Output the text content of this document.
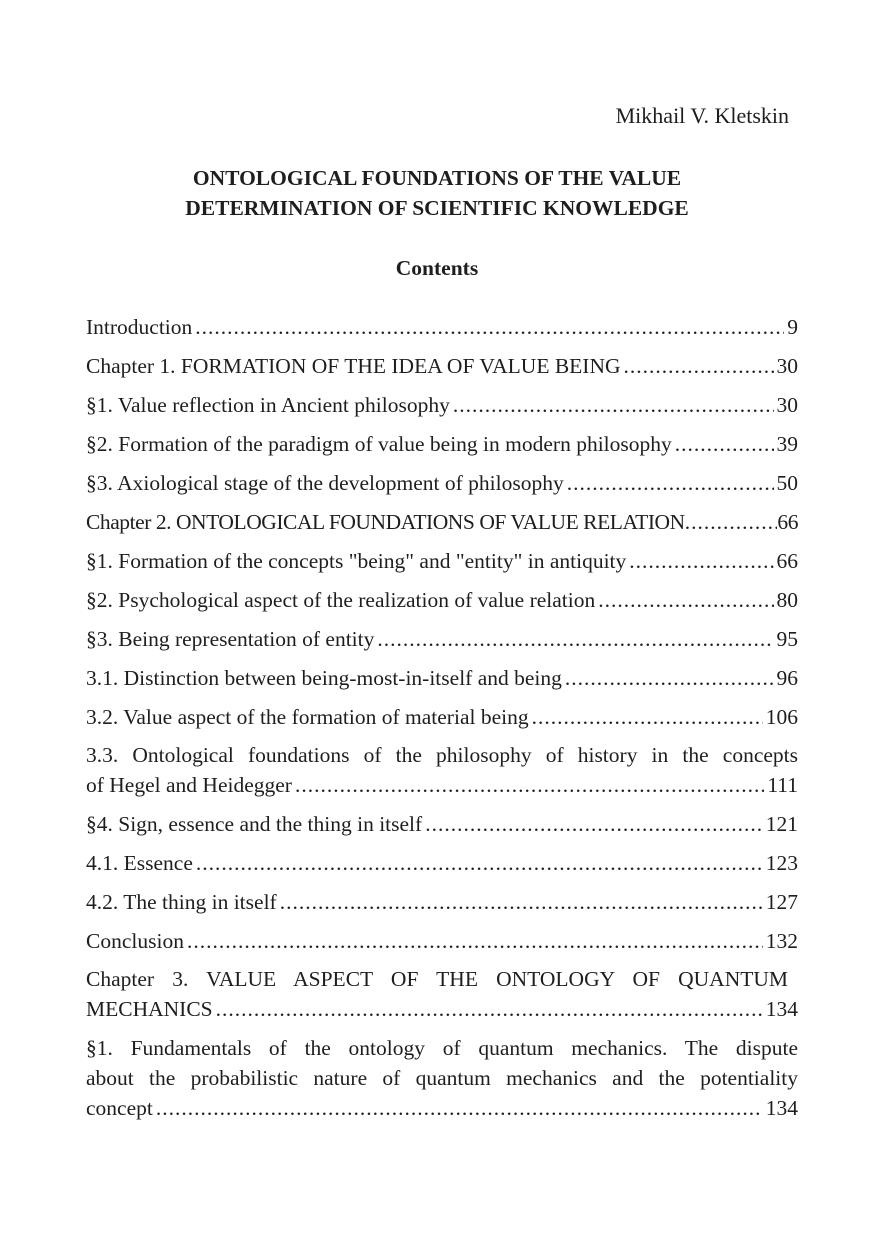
Mikhail V. Kletskin
ONTOLOGICAL FOUNDATIONS OF THE VALUE
DETERMINATION OF SCIENTIFIC KNOWLEDGE
Contents
Introduction .....	9
Chapter 1. FORMATION OF THE IDEA OF VALUE BEING .....	30
§1. Value reflection in Ancient philosophy .....	30
§2. Formation of the paradigm of value being in modern philosophy .....	39
§3. Axiological stage of the development of philosophy .....	50
Chapter 2. ONTOLOGICAL FOUNDATIONS OF VALUE RELATION .....	66
§1. Formation of the concepts "being" and "entity" in antiquity .....	66
§2. Psychological aspect of the realization of value relation .....	80
§3. Being representation of entity .....	95
3.1. Distinction between being-most-in-itself and being .....	96
3.2. Value aspect of the formation of material being .....	106
3.3. Ontological foundations of the philosophy of history in the concepts
of Hegel and Heidegger .....	111
§4. Sign, essence and the thing in itself .....	121
4.1. Essence .....	123
4.2. The thing in itself .....	127
Conclusion .....	132
Chapter 3. VALUE ASPECT OF THE ONTOLOGY OF QUANTUM
MECHANICS .....	134
§1. Fundamentals of the ontology of quantum mechanics. The dispute
about the probabilistic nature of quantum mechanics and the potentiality
concept .....	134
